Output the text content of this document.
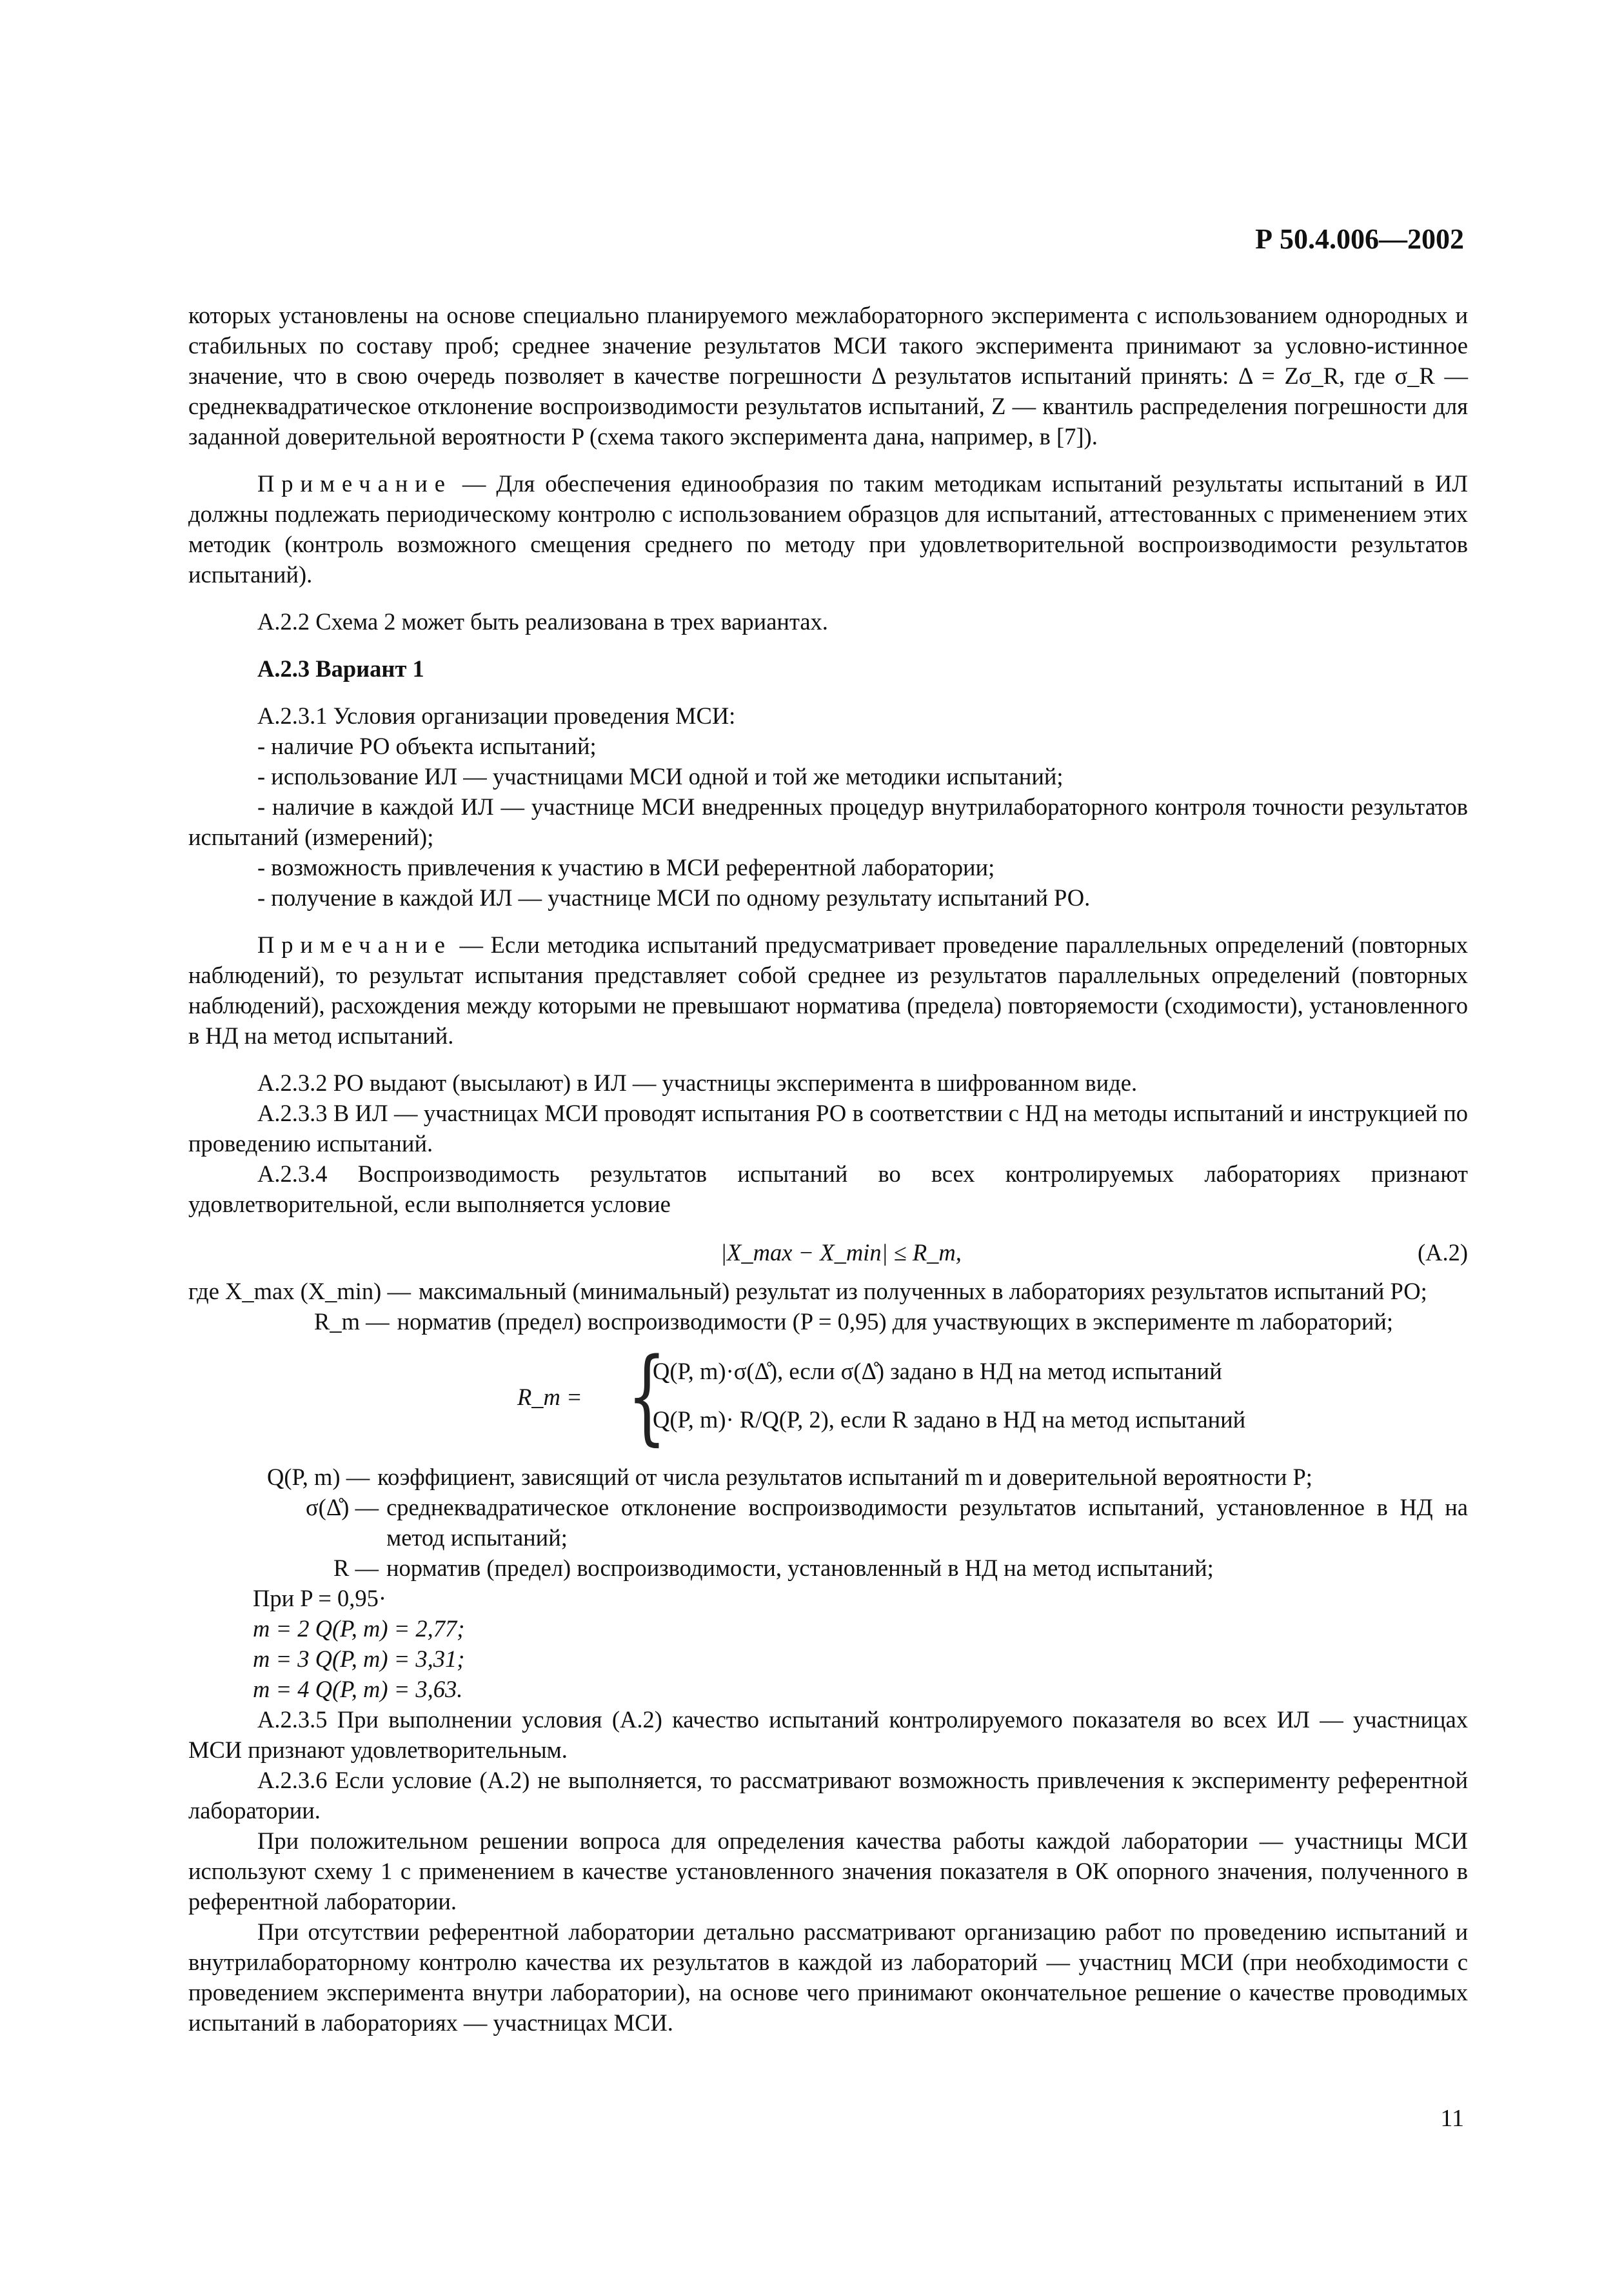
Р 50.4.006—2002

которых установлены на основе специально планируемого межлабораторного эксперимента с использованием однородных и стабильных по составу проб; среднее значение результатов МСИ такого эксперимента принимают за условно-истинное значение, что в свою очередь позволяет в качестве погрешности Δ результатов испытаний принять: Δ = Zσ_R, где σ_R — среднеквадратическое отклонение воспроизводимости результатов испытаний, Z — квантиль распределения погрешности для заданной доверительной вероятности P (схема такого эксперимента дана, например, в [7]).

Примечание — Для обеспечения единообразия по таким методикам испытаний результаты испытаний в ИЛ должны подлежать периодическому контролю с использованием образцов для испытаний, аттестованных с применением этих методик (контроль возможного смещения среднего по методу при удовлетворительной воспроизводимости результатов испытаний).

А.2.2 Схема 2 может быть реализована в трех вариантах.

А.2.3 Вариант 1

А.2.3.1 Условия организации проведения МСИ:

- наличие РО объекта испытаний;

- использование ИЛ — участницами МСИ одной и той же методики испытаний;

- наличие в каждой ИЛ — участнице МСИ внедренных процедур внутрилабораторного контроля точности результатов испытаний (измерений);

- возможность привлечения к участию в МСИ референтной лаборатории;

- получение в каждой ИЛ — участнице МСИ по одному результату испытаний РО.

Примечание — Если методика испытаний предусматривает проведение параллельных определений (повторных наблюдений), то результат испытания представляет собой среднее из результатов параллельных определений (повторных наблюдений), расхождения между которыми не превышают норматива (предела) повторяемости (сходимости), установленного в НД на метод испытаний.

А.2.3.2 РО выдают (высылают) в ИЛ — участницы эксперимента в шифрованном виде.

А.2.3.3 В ИЛ — участницах МСИ проводят испытания РО в соответствии с НД на методы испытаний и инструкцией по проведению испытаний.

А.2.3.4 Воспроизводимость результатов испытаний во всех контролируемых лабораториях признают удовлетворительной, если выполняется условие

|X_max − X_min| ≤ R_m,	(А.2)
где X_max (X_min) — максимальный (минимальный) результат из полученных в лабораториях результатов испытаний РО;
R_m — норматив (предел) воспроизводимости (P = 0,95) для участвующих в эксперименте m лабораторий;
R_m = {
Q(P, m)·σ(Δ̊), если σ(Δ̊) задано в НД на метод испытаний
Q(P, m)· R/Q(P, 2), если R задано в НД на метод испытаний
Q(P, m) — коэффициент, зависящий от числа результатов испытаний m и доверительной вероятности P;
σ(Δ̊) — среднеквадратическое отклонение воспроизводимости результатов испытаний, установленное в НД на метод испытаний;
R — норматив (предел) воспроизводимости, установленный в НД на метод испытаний;

При P = 0,95·

m = 2 Q(P, m) = 2,77;

m = 3 Q(P, m) = 3,31;

m = 4 Q(P, m) = 3,63.

А.2.3.5 При выполнении условия (А.2) качество испытаний контролируемого показателя во всех ИЛ — участницах МСИ признают удовлетворительным.

А.2.3.6 Если условие (А.2) не выполняется, то рассматривают возможность привлечения к эксперименту референтной лаборатории.

При положительном решении вопроса для определения качества работы каждой лаборатории — участницы МСИ используют схему 1 с применением в качестве установленного значения показателя в ОК опорного значения, полученного в референтной лаборатории.

При отсутствии референтной лаборатории детально рассматривают организацию работ по проведению испытаний и внутрилабораторному контролю качества их результатов в каждой из лабораторий — участниц МСИ (при необходимости с проведением эксперимента внутри лаборатории), на основе чего принимают окончательное решение о качестве проводимых испытаний в лабораториях — участницах МСИ.

11
